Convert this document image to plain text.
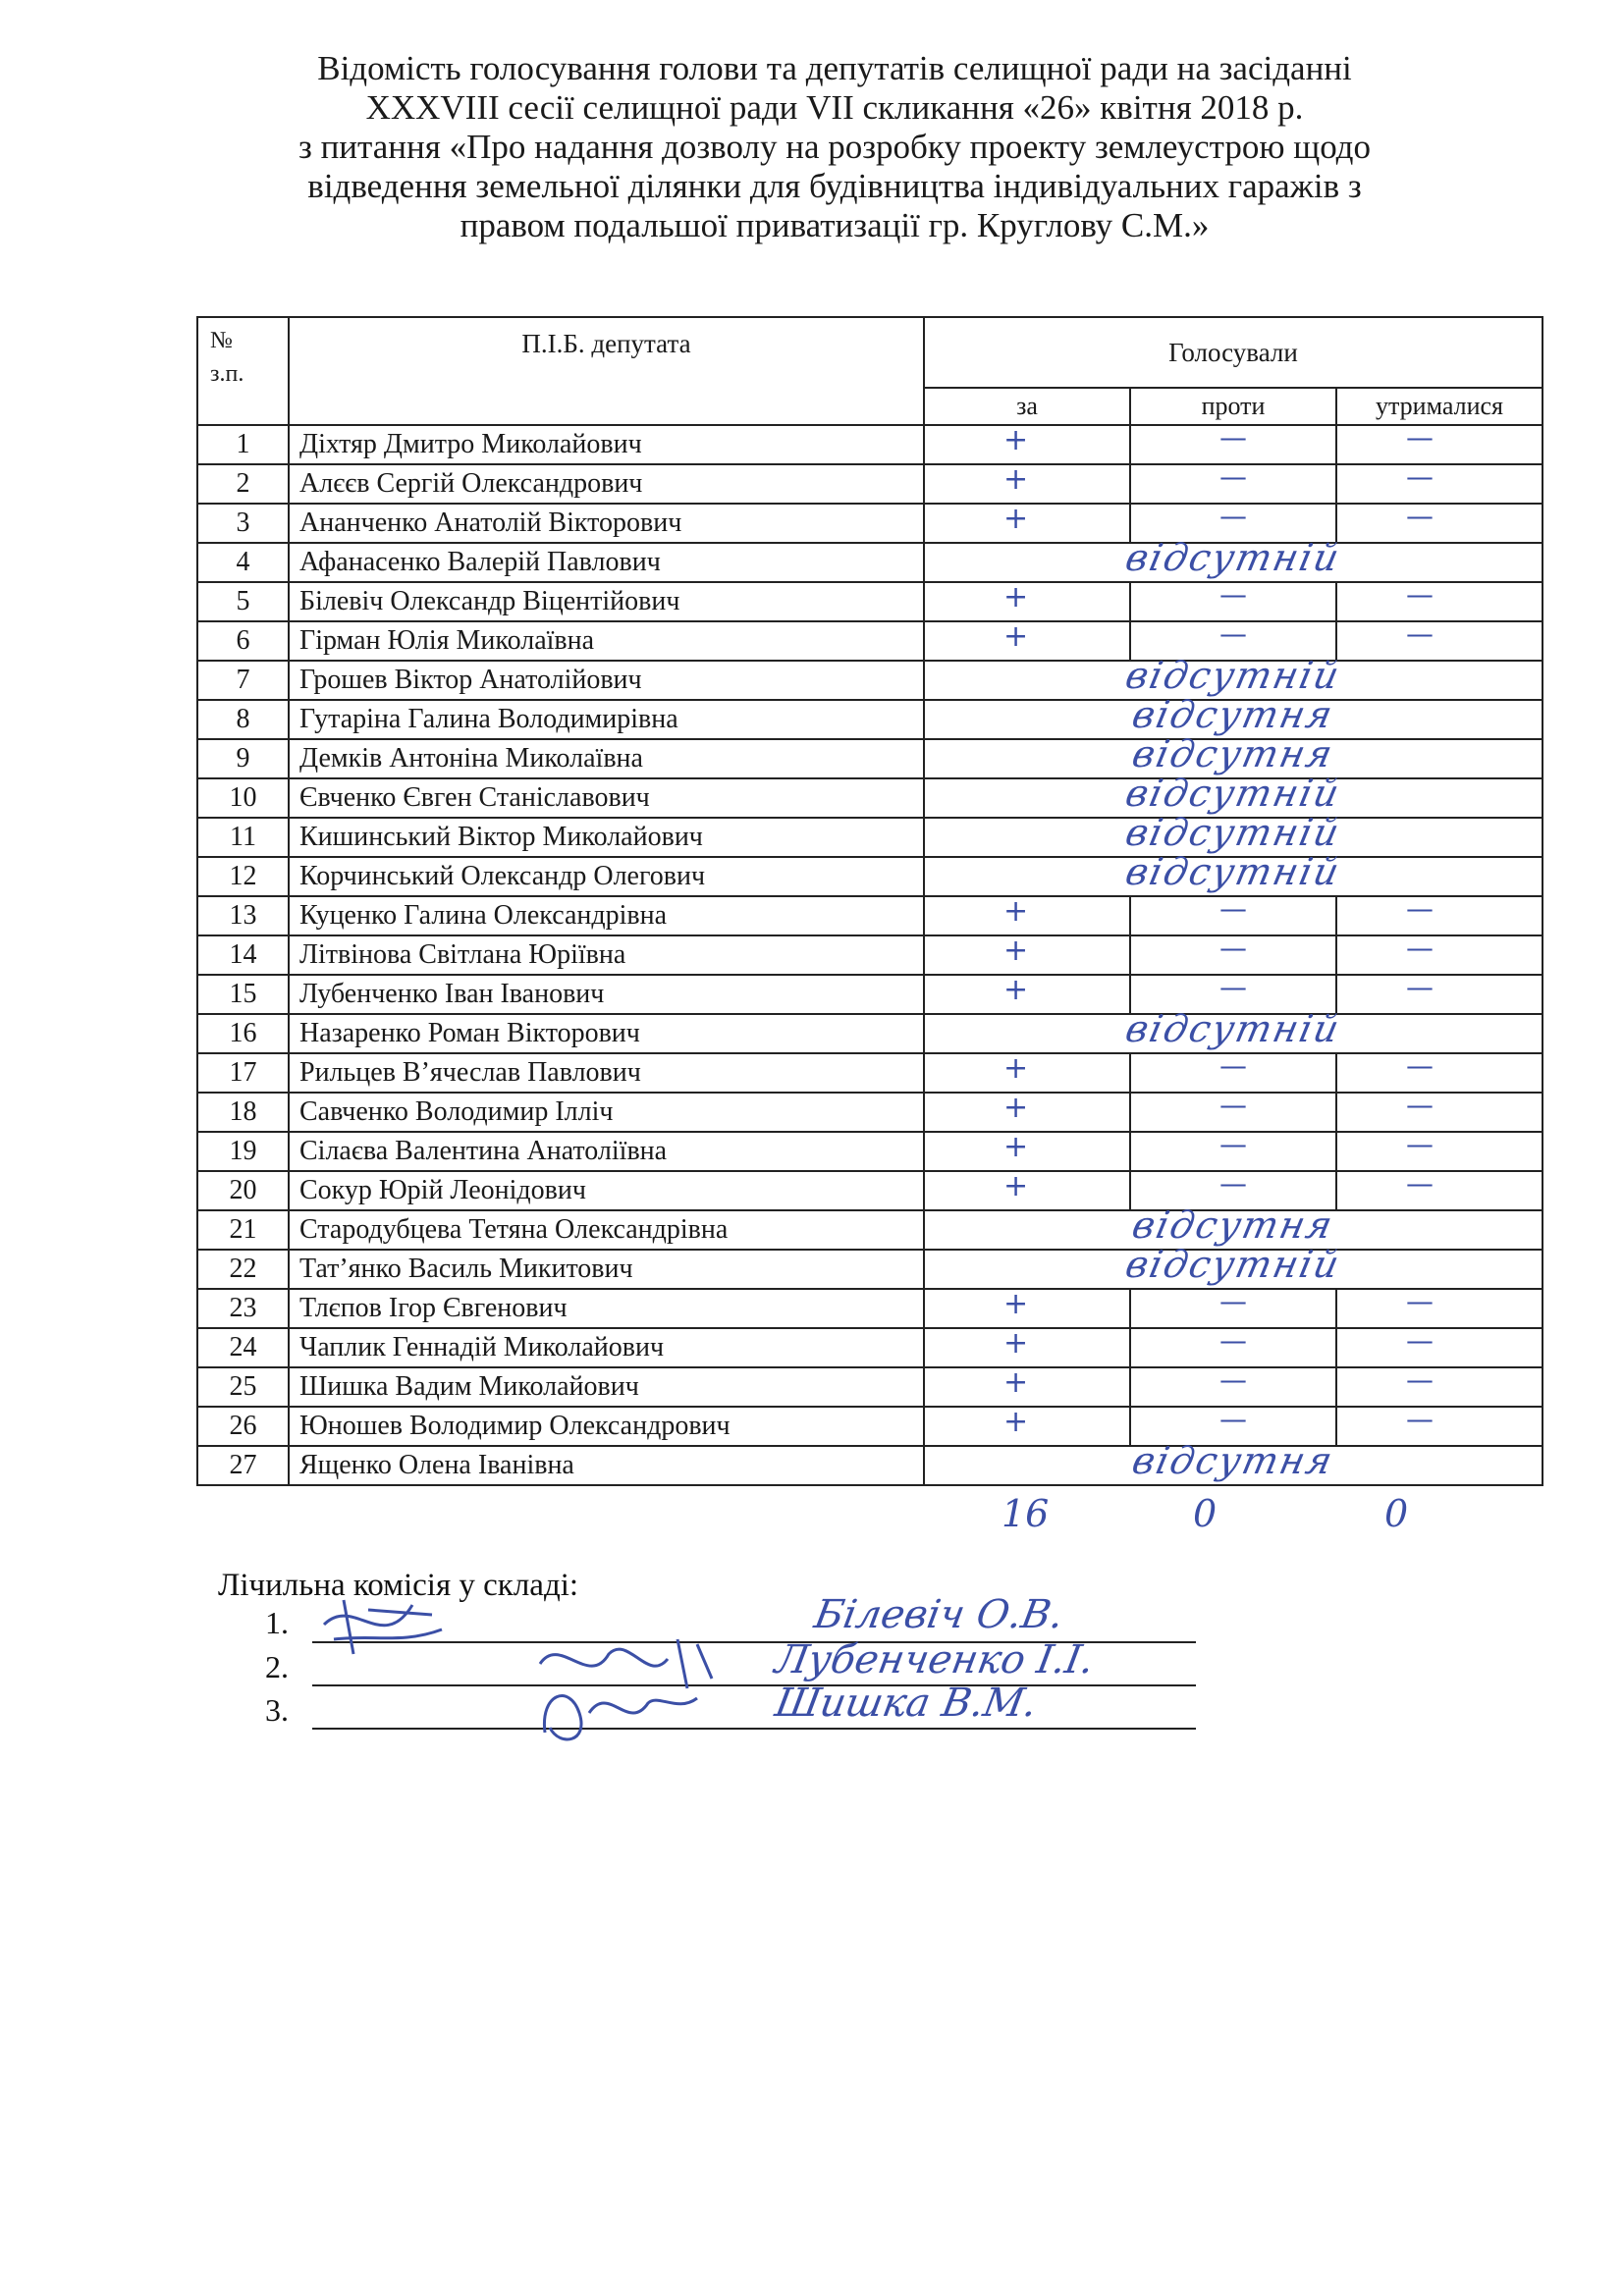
Відомість голосування голови та депутатів селищної ради на засіданні
XXXVIII сесії селищної ради VII скликання «26» квітня 2018 р.
з питання «Про надання дозволу на розробку проекту землеустрою щодо
відведення земельної ділянки для будівництва індивідуальних гаражів з
правом подальшої приватизації гр. Круглову С.М.»
№
з.п.	П.І.Б. депутата	Голосували		
		за	проти	утрималися
1	Діхтяр Дмитро Миколайович	+	—	—

2	Алєєв Сергій Олександрович	+	—	—

3	Ананченко Анатолій Вікторович	+	—	—

4	Афанасенко Валерій Павлович	відсутній		

5	Білевіч Олександр Віцентійович	+	—	—

6	Гірман Юлія Миколаївна	+	—	—

7	Грошев Віктор Анатолійович	відсутній		

8	Гутаріна Галина Володимирівна	відсутня		

9	Демків Антоніна Миколаївна	відсутня		

10	Євченко Євген Станіславович	відсутній		

11	Кишинський Віктор Миколайович	відсутній		

12	Корчинський Олександр Олегович	відсутній		

13	Куценко Галина Олександрівна	+	—	—

14	Літвінова Світлана Юріївна	+	—	—

15	Лубенченко Іван Іванович	+	—	—

16	Назаренко Роман Вікторович	відсутній		

17	Рильцев В’ячеслав Павлович	+	—	—

18	Савченко Володимир Ілліч	+	—	—

19	Сілаєва Валентина Анатоліївна	+	—	—

20	Сокур Юрій Леонідович	+	—	—

21	Стародубцева Тетяна Олександрівна	відсутня		

22	Тат’янко Василь Микитович	відсутній		

23	Тлєпов Ігор Євгенович	+	—	—

24	Чаплик Геннадій Миколайович	+	—	—

25	Шишка Вадим Миколайович	+	—	—

26	Юношев Володимир Олександрович	+	—	—

27	Ященко Олена Іванівна	відсутня		
16	0	0
Лічильна комісія у складі:
1.	Білевіч О.В.
2.	Лубенченко І.І.
3.	Шишка В.М.
